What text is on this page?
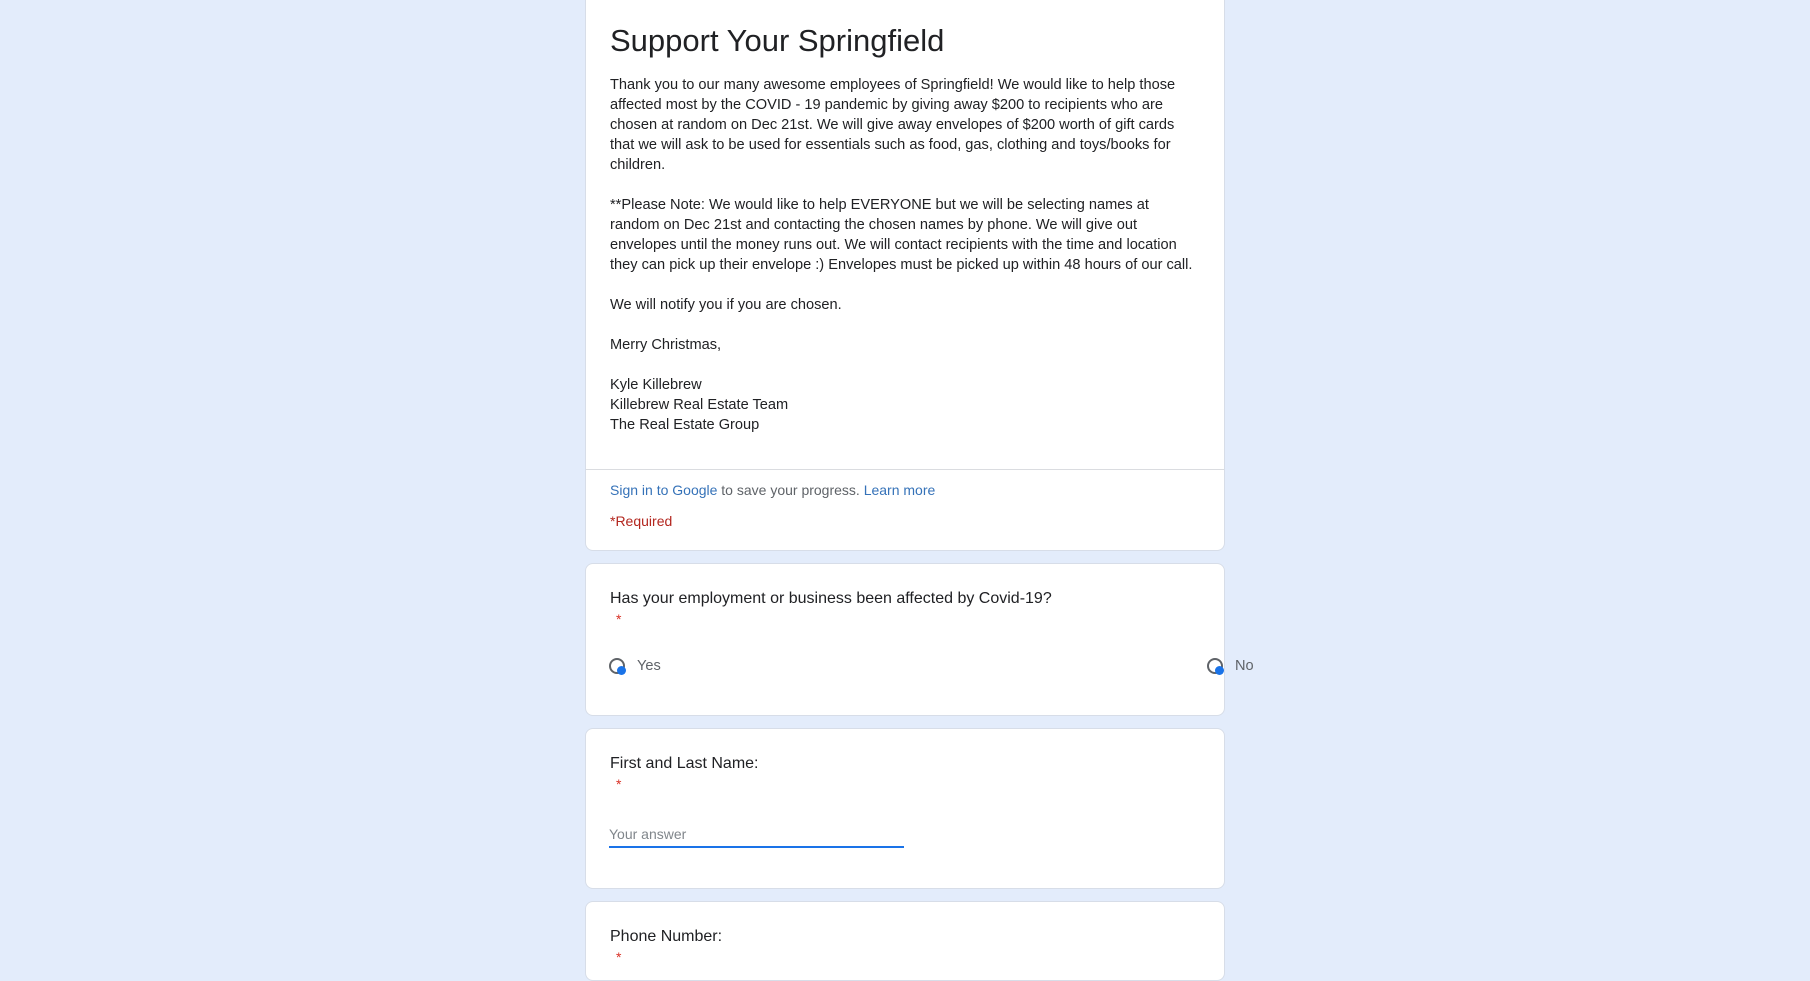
Support Your Springfield
Thank you to our many awesome employees of Springfield! We would like to help those affected most by the COVID - 19 pandemic by giving away $200 to recipients who are chosen at random on Dec 21st. We will give away envelopes of $200 worth of gift cards that we will ask to be used for essentials such as food, gas, clothing and toys/books for children.

**Please Note: We would like to help EVERYONE but we will be selecting names at random on Dec 21st and contacting the chosen names by phone. We will give out envelopes until the money runs out. We will contact recipients with the time and location they can pick up their envelope :) Envelopes must be picked up within 48 hours of our call.

We will notify you if you are chosen.

Merry Christmas,

Kyle Killebrew
Killebrew Real Estate Team
The Real Estate Group
Sign in to Google to save your progress. Learn more
*Required
Has your employment or business been affected by Covid-19?
*
First and Last Name:
*
Phone Number:
*
Yes	No
Your answer
